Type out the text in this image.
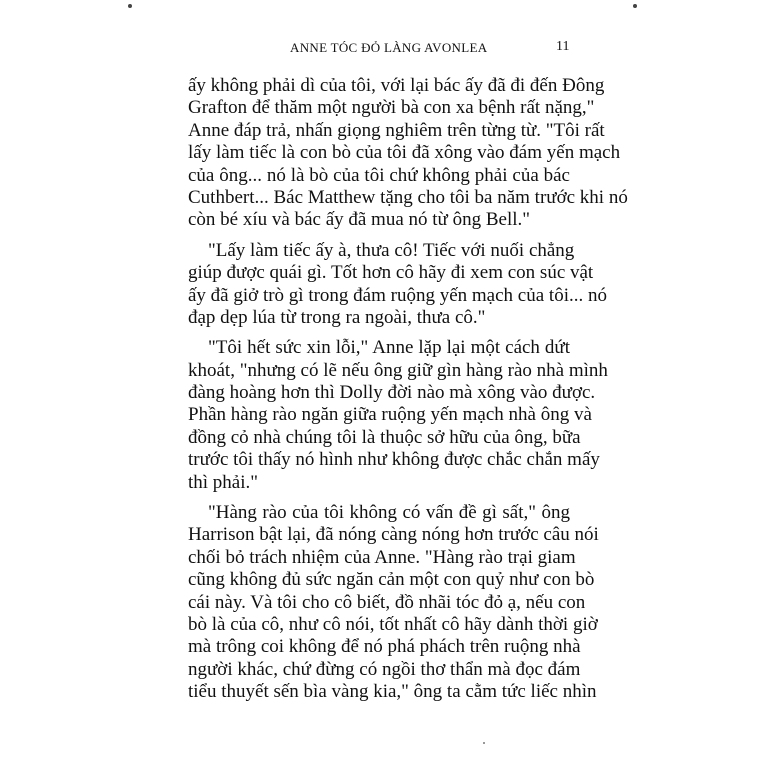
ANNE TÓC ĐỎ LÀNG AVONLEA	11
ấy không phải dì của tôi, với lại bác ấy đã đi đến Đông
Grafton để thăm một người bà con xa bệnh rất nặng,"
Anne đáp trả, nhấn giọng nghiêm trên từng từ. "Tôi rất
lấy làm tiếc là con bò của tôi đã xông vào đám yến mạch
của ông... nó là bò của tôi chứ không phải của bác
Cuthbert... Bác Matthew tặng cho tôi ba năm trước khi nó
còn bé xíu và bác ấy đã mua nó từ ông Bell."
"Lấy làm tiếc ấy à, thưa cô! Tiếc với nuối chẳng
giúp được quái gì. Tốt hơn cô hãy đi xem con súc vật
ấy đã giở trò gì trong đám ruộng yến mạch của tôi... nó
đạp dẹp lúa từ trong ra ngoài, thưa cô."
"Tôi hết sức xin lỗi," Anne lặp lại một cách dứt
khoát, "nhưng có lẽ nếu ông giữ gìn hàng rào nhà mình
đàng hoàng hơn thì Dolly đời nào mà xông vào được.
Phần hàng rào ngăn giữa ruộng yến mạch nhà ông và
đồng cỏ nhà chúng tôi là thuộc sở hữu của ông, bữa
trước tôi thấy nó hình như không được chắc chắn mấy
thì phải."
"Hàng rào của tôi không có vấn đề gì sất," ông
Harrison bật lại, đã nóng càng nóng hơn trước câu nói
chối bỏ trách nhiệm của Anne. "Hàng rào trại giam
cũng không đủ sức ngăn cản một con quỷ như con bò
cái này. Và tôi cho cô biết, đồ nhãi tóc đỏ ạ, nếu con
bò là của cô, như cô nói, tốt nhất cô hãy dành thời giờ
mà trông coi không để nó phá phách trên ruộng nhà
người khác, chứ đừng có ngồi thơ thẩn mà đọc đám
tiểu thuyết sến bìa vàng kia," ông ta cằm tức liếc nhìn
